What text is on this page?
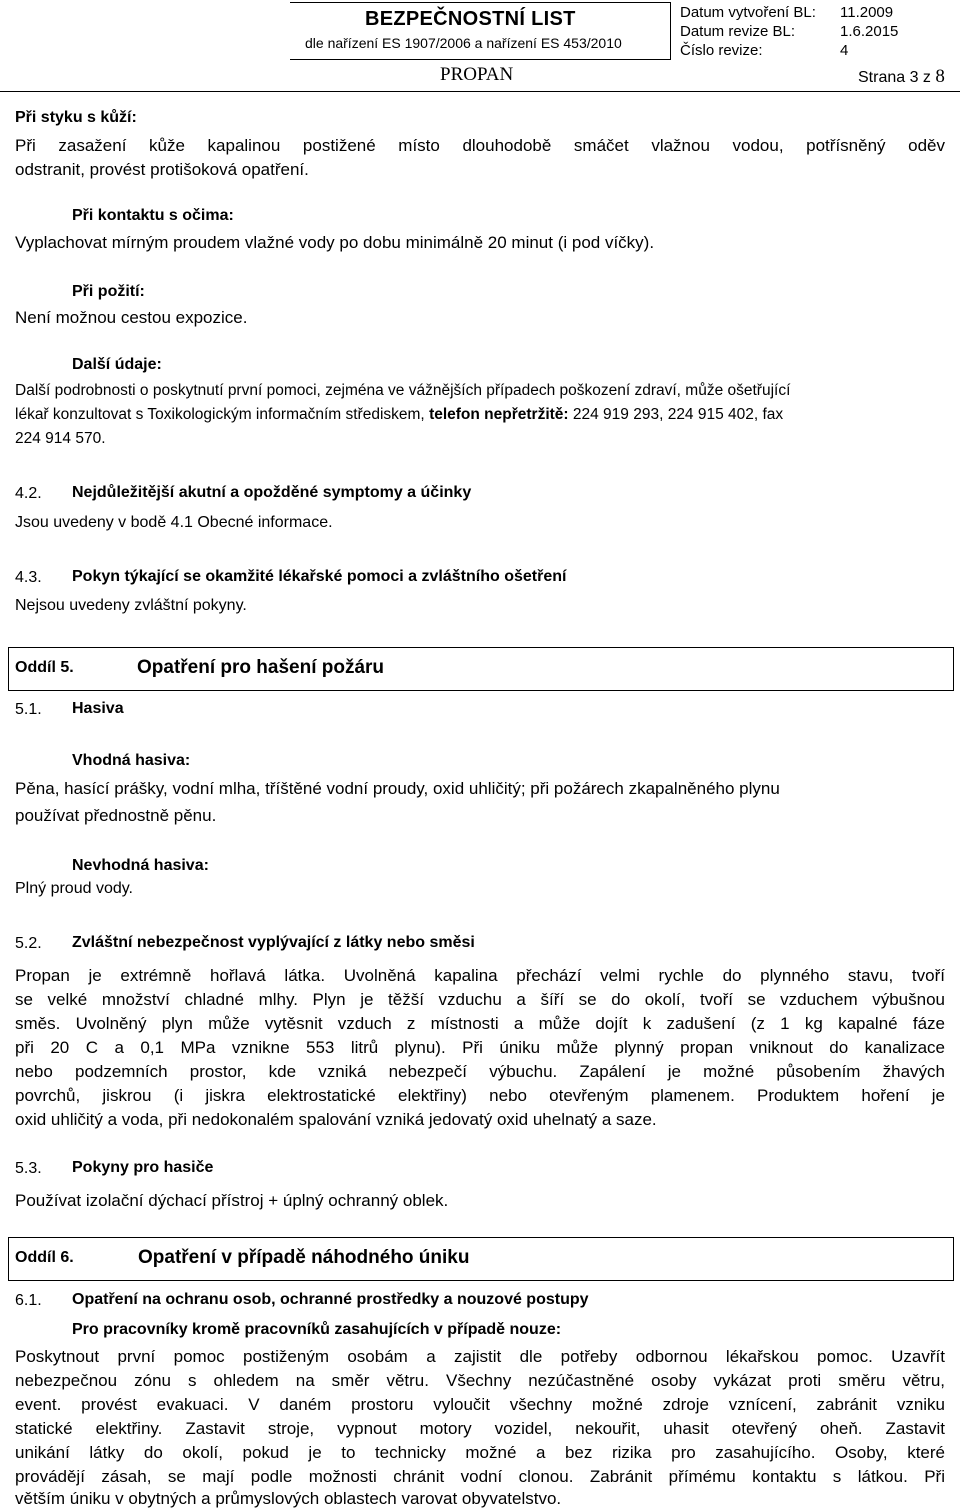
BEZPEČNOSTNÍ LIST
dle nařízení ES 1907/2006 a nařízení ES 453/2010
Datum vytvoření BL: 11.2009
Datum revize BL:	1.6.2015
Číslo revize:	4
PROPAN	Strana 3 z 8
Při styku s kůží:
Při zasažení kůže kapalinou postižené místo dlouhodobě smáčet vlažnou vodou, potřísněný oděv
odstranit, provést protišoková opatření.
Při kontaktu s očima:
Vyplachovat mírným proudem vlažné vody po dobu minimálně 20 minut (i pod víčky).
Při požití:
Není možnou cestou expozice.
Další údaje:
Další podrobnosti o poskytnutí první pomoci, zejména ve vážnějších případech poškození zdraví, může ošetřující
lékař konzultovat s Toxikologickým informačním střediskem, telefon nepřetržitě: 224 919 293, 224 915 402, fax
224 914 570.
4.2. Nejdůležitější akutní a opožděné symptomy a účinky
Jsou uvedeny v bodě 4.1 Obecné informace.
4.3. Pokyn týkající se okamžité lékařské pomoci a zvláštního ošetření
Nejsou uvedeny zvláštní pokyny.
Oddíl 5.	Opatření pro hašení požáru
5.1. Hasiva
Vhodná hasiva:
Pěna, hasící prášky, vodní mlha, tříštěné vodní proudy, oxid uhličitý; při požárech zkapalněného plynu
používat přednostně pěnu.
Nevhodná hasiva:
Plný proud vody.
5.2. Zvláštní nebezpečnost vyplývající z látky nebo směsi
Propan je extrémně hořlavá látka. Uvolněná kapalina přechází velmi rychle do plynného stavu, tvoří
se velké množství chladné mlhy. Plyn je těžší vzduchu a šíří se do okolí, tvoří se vzduchem výbušnou
směs. Uvolněný plyn může vytěsnit vzduch z místnosti a může dojít k zadušení (z 1 kg kapalné fáze
při 20 C a 0,1 MPa vznikne 553 litrů plynu). Při úniku může plynný propan vniknout do kanalizace
nebo podzemních prostor, kde vzniká nebezpečí výbuchu. Zapálení je možné působením žhavých
povrchů, jiskrou (i jiskra elektrostatické elektřiny) nebo otevřeným plamenem. Produktem hoření je
oxid uhličitý a voda, při nedokonalém spalování vzniká jedovatý oxid uhelnatý a saze.
5.3. Pokyny pro hasiče
Používat izolační dýchací přístroj + úplný ochranný oblek.
Oddíl 6.	Opatření v případě náhodného úniku
6.1. Opatření na ochranu osob, ochranné prostředky a nouzové postupy
Pro pracovníky kromě pracovníků zasahujících v případě nouze:
Poskytnout první pomoc postiženým osobám a zajistit dle potřeby odbornou lékařskou pomoc. Uzavřít
nebezpečnou zónu s ohledem na směr větru. Všechny nezúčastněné osoby vykázat proti směru větru,
event. provést evakuaci. V daném prostoru vyloučit všechny možné zdroje vznícení, zabránit vzniku
statické elektřiny. Zastavit stroje, vypnout motory vozidel, nekouřit, uhasit otevřený oheň. Zastavit
unikání látky do okolí, pokud je to technicky možné a bez rizika pro zasahujícího. Osoby, které
provádějí zásah, se mají podle možnosti chránit vodní clonou. Zabránit přímému kontaktu s látkou. Při
větším úniku v obytných a průmyslových oblastech varovat obyvatelstvo.
